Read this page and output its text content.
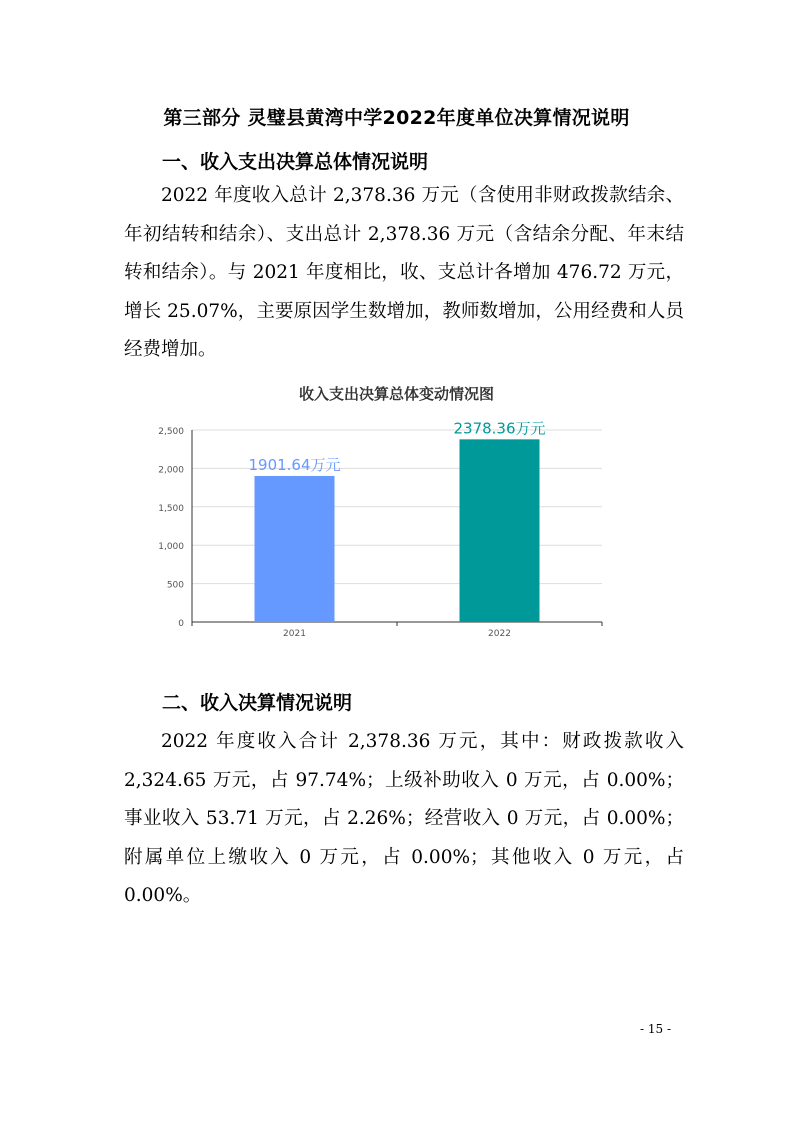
第三部分 灵璧县黄湾中学2022年度单位决算情况说明
一、收入支出决算总体情况说明
2022 年度收入总计 2,378.36 万元（含使用非财政拨款结余、年初结转和结余）、支出总计 2,378.36 万元（含结余分配、年末结转和结余）。与 2021 年度相比，收、支总计各增加 476.72 万元，增长 25.07%，主要原因学生数增加，教师数增加，公用经费和人员经费增加。
收入支出决算总体变动情况图
0
500
1,000
1,500
2,000
2,500
1901.64万元
2021
2378.36万元
2022
二、收入决算情况说明
2022 年度收入合计 2,378.36 万元，其中：财政拨款收入 2,324.65 万元，占 97.74%；上级补助收入 0 万元，占 0.00%；事业收入 53.71 万元，占 2.26%；经营收入 0 万元，占 0.00%；附属单位上缴收入 0 万元，占 0.00%；其他收入 0 万元，占 0.00%。
- 15 -
